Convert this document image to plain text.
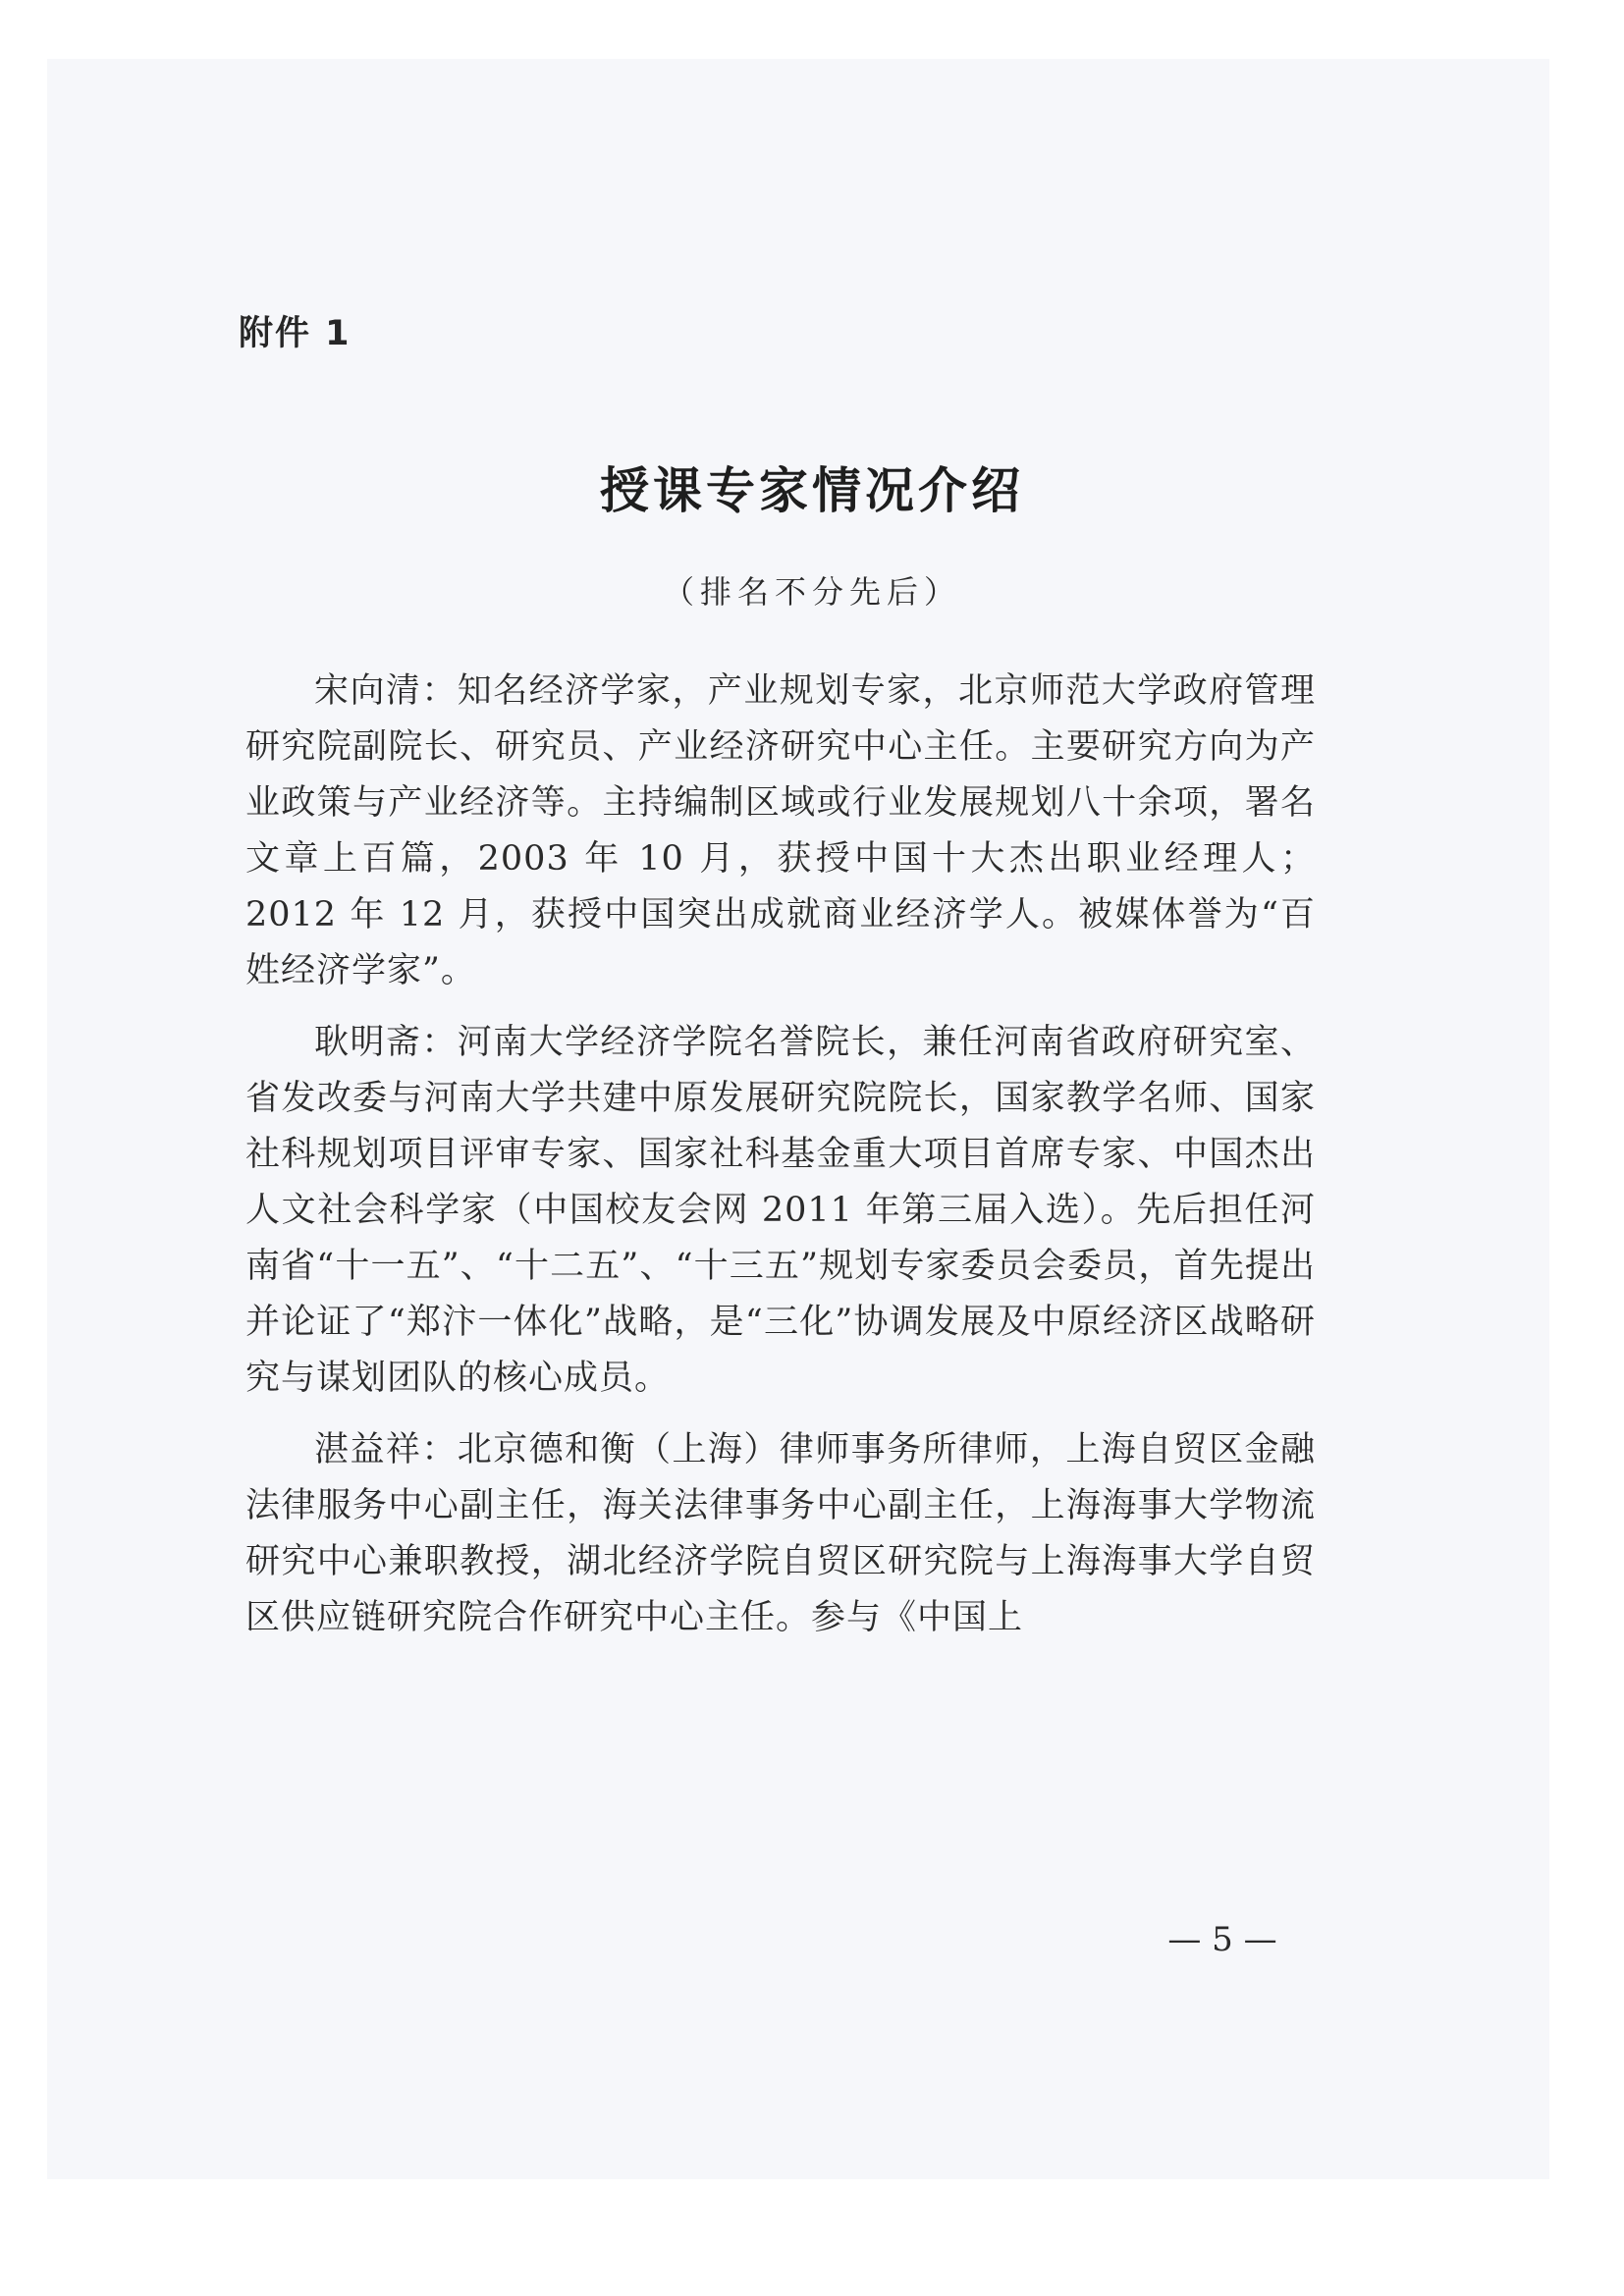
附件 1
授课专家情况介绍
（排名不分先后）

宋向清：知名经济学家，产业规划专家，北京师范大学政府管理研究院副院长、研究员、产业经济研究中心主任。主要研究方向为产业政策与产业经济等。主持编制区域或行业发展规划八十余项，署名文章上百篇，2003 年 10 月，获授中国十大杰出职业经理人；2012 年 12 月，获授中国突出成就商业经济学人。被媒体誉为“百姓经济学家”。

耿明斋：河南大学经济学院名誉院长，兼任河南省政府研究室、省发改委与河南大学共建中原发展研究院院长，国家教学名师、国家社科规划项目评审专家、国家社科基金重大项目首席专家、中国杰出人文社会科学家（中国校友会网 2011 年第三届入选）。先后担任河南省“十一五”、“十二五”、“十三五”规划专家委员会委员，首先提出并论证了“郑汴一体化”战略，是“三化”协调发展及中原经济区战略研究与谋划团队的核心成员。

湛益祥：北京德和衡（上海）律师事务所律师，上海自贸区金融法律服务中心副主任，海关法律事务中心副主任，上海海事大学物流研究中心兼职教授，湖北经济学院自贸区研究院与上海海事大学自贸区供应链研究院合作研究中心主任。参与《中国上

— 5 —
